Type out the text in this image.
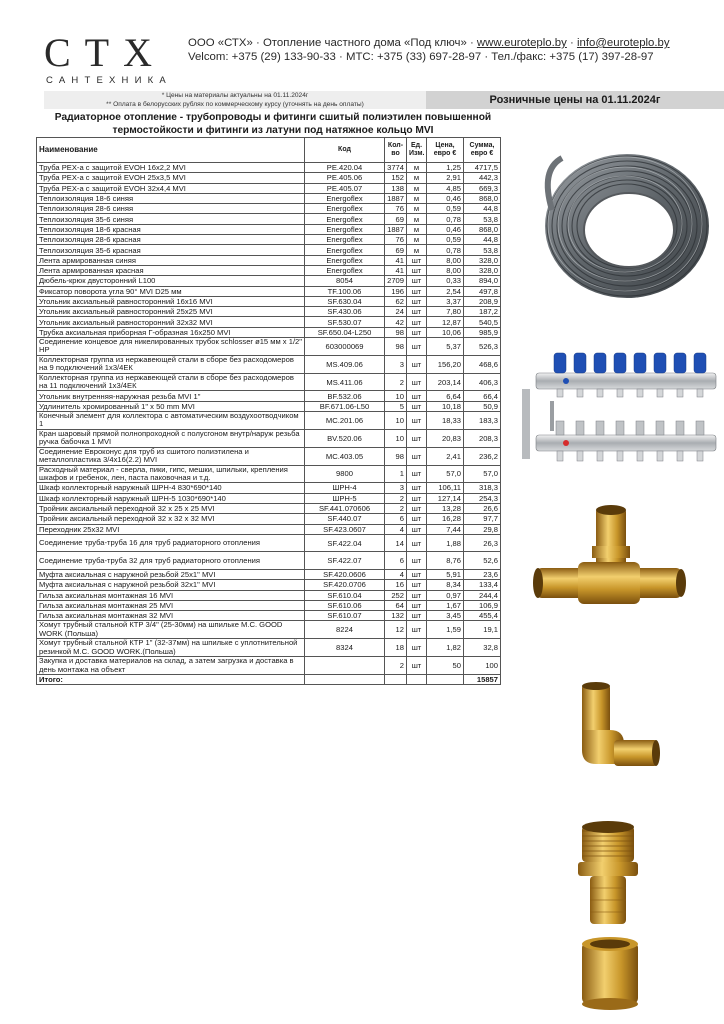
СТХ
САНТЕХНИКА
ООО «СТХ» · Отопление частного дома «Под ключ» · www.euroteplo.by · info@euroteplo.by
Velcom: +375 (29) 133-90-33 · МТС: +375 (33) 697-28-97 · Тел./факс: +375 (17) 397-28-97
* Цены на материалы актуальны на 01.11.2024г
** Оплата в белорусских рублях по коммерческому курсу (уточнять на день оплаты)	Розничные цены на 01.11.2024г
Радиаторное отопление - трубопроводы и фитинги сшитый полиэтилен повышенной
термостойкости и фитинги из латуни под натяжное кольцо MVI
Наименование	Код	Кол-во	Ед. Изм.	Цена, евро €	Сумма, евро €
Труба PEX-a с защитой EVOH 16х2,2 MVI	PE.420.04	3774	м	1,25	4717,5
Труба PEX-a с защитой EVOH 25х3,5 MVI	PE.405.06	152	м	2,91	442,3
Труба PEX-a с защитой EVOH 32х4,4 MVI	PE.405.07	138	м	4,85	669,3
Теплоизоляция 18-6 синяя	Energoflex	1887	м	0,46	868,0
Теплоизоляция 28-6 синяя	Energoflex	76	м	0,59	44,8
Теплоизоляция 35-6 синяя	Energoflex	69	м	0,78	53,8
Теплоизоляция 18-6 красная	Energoflex	1887	м	0,46	868,0
Теплоизоляция 28-6 красная	Energoflex	76	м	0,59	44,8
Теплоизоляция 35-6 красная	Energoflex	69	м	0,78	53,8
Лента армированная синяя	Energoflex	41	шт	8,00	328,0
Лента армированная красная	Energoflex	41	шт	8,00	328,0
Дюбель-крюк двусторонний L100	8054	2709	шт	0,33	894,0
Фиксатор поворота угла 90° MVI D25 мм	TF.100.06	196	шт	2,54	497,8
Угольник аксиальный равносторонний 16х16 MVI	SF.630.04	62	шт	3,37	208,9
Угольник аксиальный равносторонний 25х25 MVI	SF.430.06	24	шт	7,80	187,2
Угольник аксиальный равносторонний 32х32 MVI	SF.530.07	42	шт	12,87	540,5
Трубка аксиальная приборная Г-образная 16х250 MVI	SF.650.04-L250	98	шт	10,06	985,9
Соединение концевое для никелированных трубок schlosser ø15 мм х 1/2" НР	603000069	98	шт	5,37	526,3
Коллекторная группа из нержавеющей стали в сборе без расходомеров на 9 подключений 1х3/4ЕК	MS.409.06	3	шт	156,20	468,6
Коллекторная группа из нержавеющей стали в сборе без расходомеров на 11 подключений 1х3/4ЕК	MS.411.06	2	шт	203,14	406,3
Угольник внутренняя-наружная резьба MVI 1"	BF.532.06	10	шт	6,64	66,4
Удлинитель хромированный 1" х 50 mm MVI	BF.671.06-L50	5	шт	10,18	50,9
Конечный элемент для коллектора с автоматическим воздухоотводчиком 1	MC.201.06	10	шт	18,33	183,3
Кран шаровый прямой полнопроходной с полусгоном внутр/наруж резьба ручка бабочка 1 MVI	BV.520.06	10	шт	20,83	208,3
Соединение Евроконус для труб из сшитого полиэтилена и металлопластика 3/4х16(2.2) MVI	MC.403.05	98	шт	2,41	236,2
Расходный материал - сверла, пики, гипс, мешки, шпильки, крепления шкафов и гребенок, лен, паста паковочная и т.д.	9800	1	шт	57,0	57,0
Шкаф коллекторный наружный ШРН-4 830*690*140	ШРН-4	3	шт	106,11	318,3
Шкаф коллекторный наружный ШРН-5 1030*690*140	ШРН-5	2	шт	127,14	254,3
Тройник аксиальный переходной 32 х 25 х 25 MVI	SF.441.070606	2	шт	13,28	26,6
Тройник аксиальный переходной 32 х 32 х 32 MVI	SF.440.07	6	шт	16,28	97,7
Переходник 25х32 MVI	SF.423.0607	4	шт	7,44	29,8
Соединение труба-труба 16 для труб радиаторного отопления	SF.422.04	14	шт	1,88	26,3
Соединение труба-труба 32 для труб радиаторного отопления	SF.422.07	6	шт	8,76	52,6
Муфта аксиальная с наружной резьбой 25х1" MVI	SF.420.0606	4	шт	5,91	23,6
Муфта аксиальная с наружной резьбой 32х1" MVI	SF.420.0706	16	шт	8,34	133,4
Гильза аксиальная монтажная 16 MVI	SF.610.04	252	шт	0,97	244,4
Гильза аксиальная монтажная 25 MVI	SF.610.06	64	шт	1,67	106,9
Гильза аксиальная монтажная 32 MVI	SF.610.07	132	шт	3,45	455,4
Хомут трубный стальной КТР 3/4" (25-30мм) на шпильке M.C. GOOD WORK (Польша)	8224	12	шт	1,59	19,1
Хомут трубный стальной КТР 1" (32-37мм) на шпильке с уплотнительной резинкой M.C. GOOD WORK.(Польша)	8324	18	шт	1,82	32,8
Закупка и доставка материалов на склад, а затем загрузка и доставка в день монтажа на объект		2	шт	50	100
Итого:					15857
